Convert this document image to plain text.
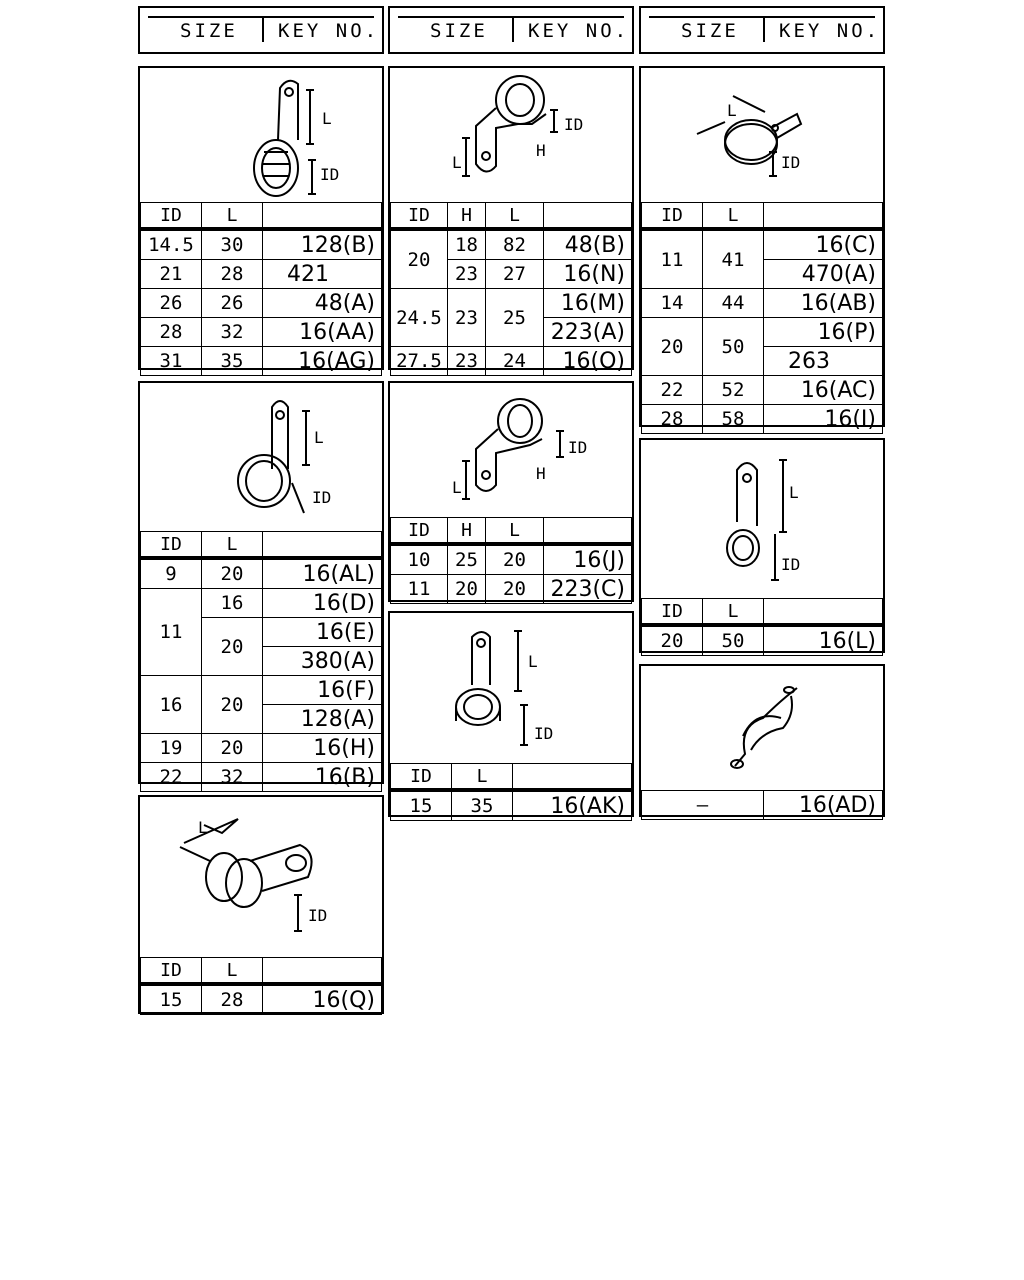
SIZE KEY NO.	SIZE KEY NO.	SIZE KEY NO.
L
ID
ID	L	
14.5	30	128(B)
21	28	421
26	26	48(A)
28	32	16(AA)
31	35	16(AG)
L
ID
ID	L	
9	20	16(AL)
11	16	16(D)
	20	16(E)
		380(A)
16	20	16(F)
		128(A)
19	20	16(H)
22	32	16(B)
L
ID
ID	L	
15	28	16(Q)
L
H
ID
ID	H	L	
20	18	82	48(B)
	23	27	16(N)
24.5	23	25	16(M)
			223(A)
27.5	23	24	16(O)
L
H
ID
ID	H	L	
10	25	20	16(J)
11	20	20	223(C)
L
ID
ID	L	
15	35	16(AK)
L
ID
ID	L	
11	41	16(C)
		470(A)
14	44	16(AB)
20	50	16(P)
		263
22	52	16(AC)
28	58	16(I)
L
ID
ID	L	
20	50	16(L)
—	16(AD)
